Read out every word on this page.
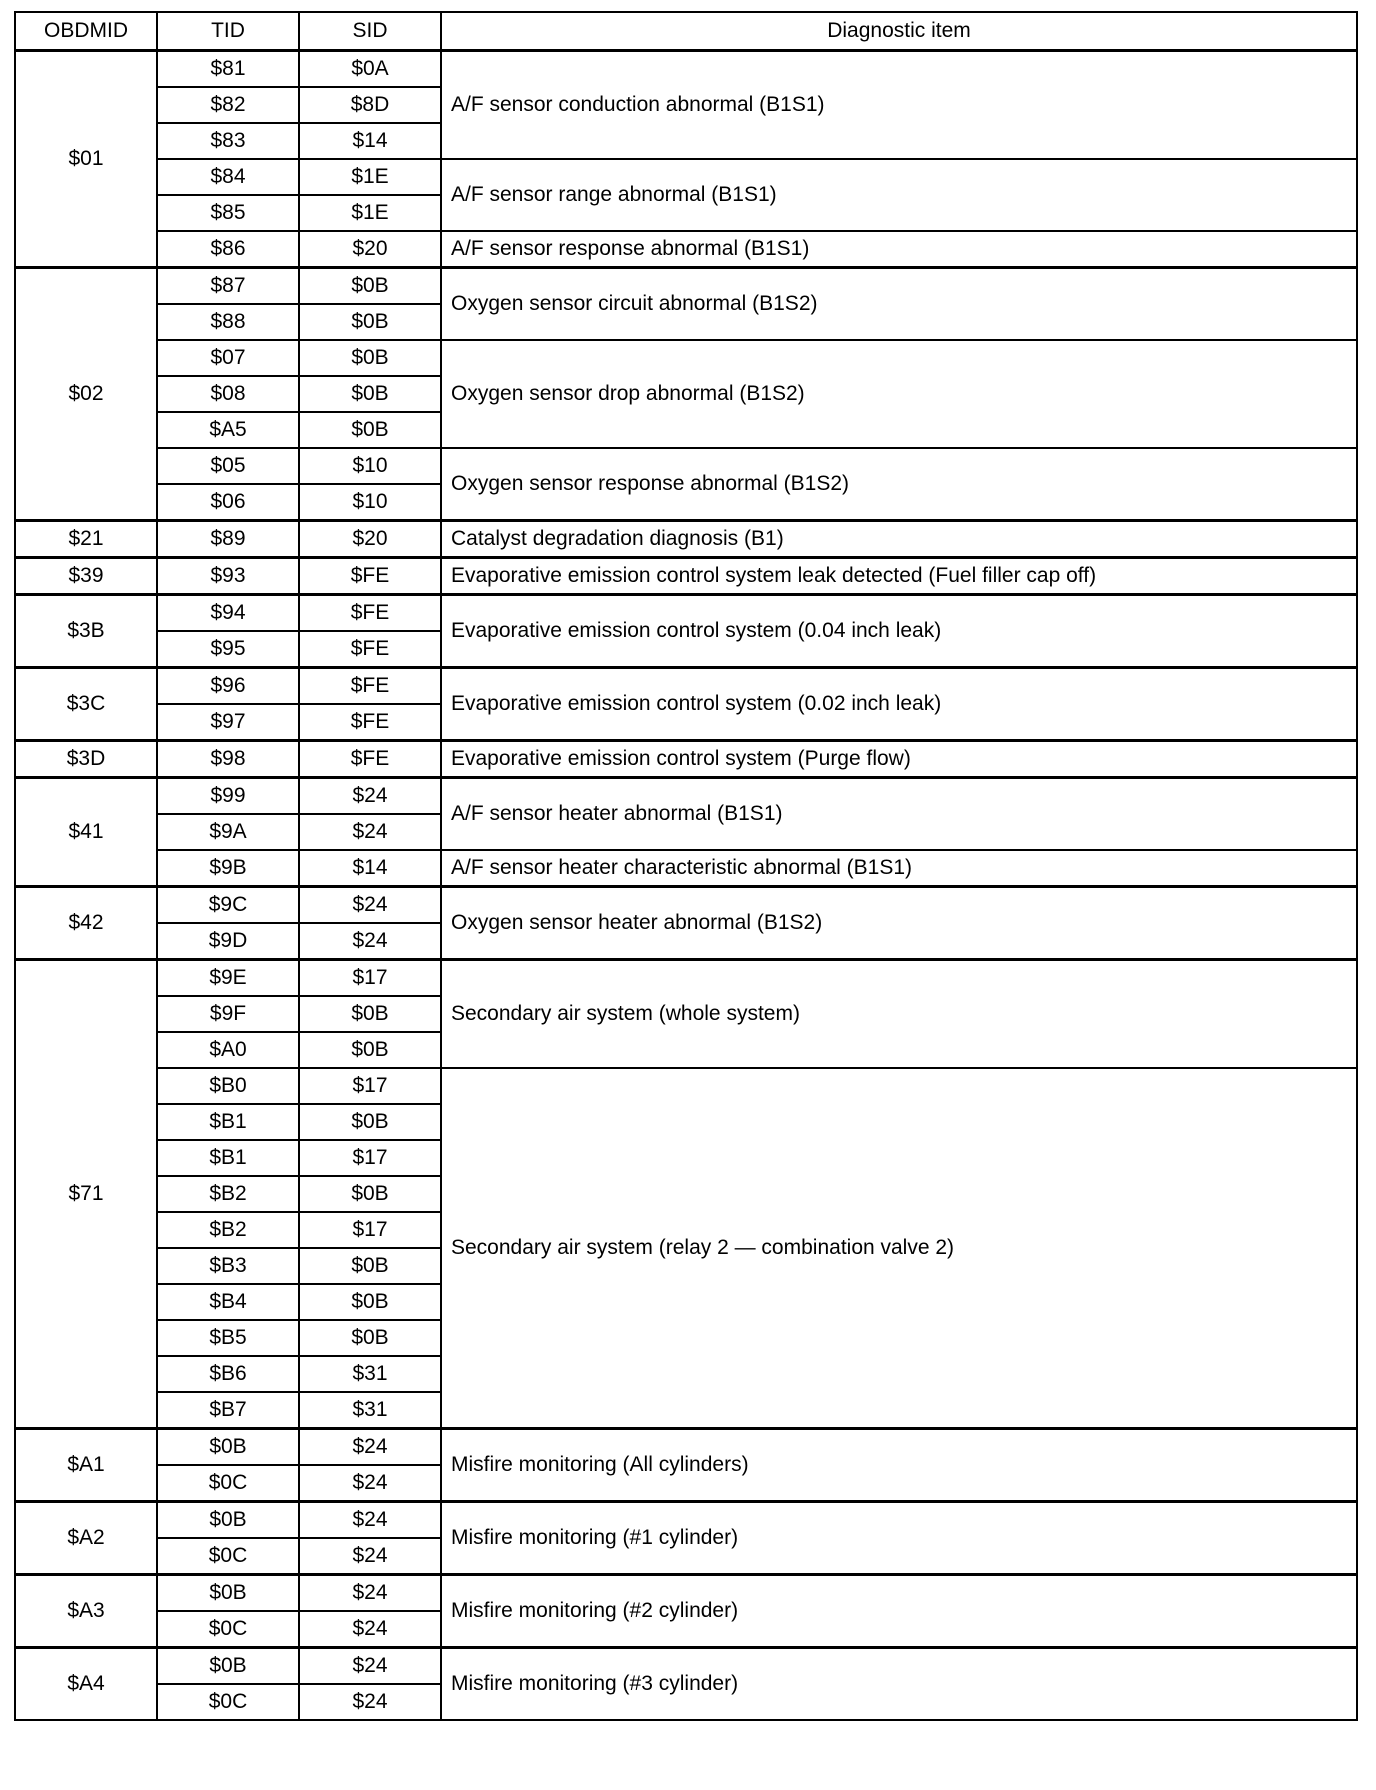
OBDMID	TID	SID	Diagnostic item
$01	$81	$0A	A/F sensor conduction abnormal (B1S1)
	$82	$8D	
	$83	$14	
	$84	$1E	A/F sensor range abnormal (B1S1)
	$85	$1E	
	$86	$20	A/F sensor response abnormal (B1S1)
$02	$87	$0B	Oxygen sensor circuit abnormal (B1S2)
	$88	$0B	
	$07	$0B	Oxygen sensor drop abnormal (B1S2)
	$08	$0B	
	$A5	$0B	
	$05	$10	Oxygen sensor response abnormal (B1S2)
	$06	$10	
$21	$89	$20	Catalyst degradation diagnosis (B1)
$39	$93	$FE	Evaporative emission control system leak detected (Fuel filler cap off)
$3B	$94	$FE	Evaporative emission control system (0.04 inch leak)
	$95	$FE	
$3C	$96	$FE	Evaporative emission control system (0.02 inch leak)
	$97	$FE	
$3D	$98	$FE	Evaporative emission control system (Purge flow)
$41	$99	$24	A/F sensor heater abnormal (B1S1)
	$9A	$24	
	$9B	$14	A/F sensor heater characteristic abnormal (B1S1)
$42	$9C	$24	Oxygen sensor heater abnormal (B1S2)
	$9D	$24	
$71	$9E	$17	Secondary air system (whole system)
	$9F	$0B	
	$A0	$0B	
	$B0	$17	Secondary air system (relay 2 — combination valve 2)
	$B1	$0B	
	$B1	$17	
	$B2	$0B	
	$B2	$17	
	$B3	$0B	
	$B4	$0B	
	$B5	$0B	
	$B6	$31	
	$B7	$31	
$A1	$0B	$24	Misfire monitoring (All cylinders)
	$0C	$24	
$A2	$0B	$24	Misfire monitoring (#1 cylinder)
	$0C	$24	
$A3	$0B	$24	Misfire monitoring (#2 cylinder)
	$0C	$24	
$A4	$0B	$24	Misfire monitoring (#3 cylinder)
	$0C	$24	
